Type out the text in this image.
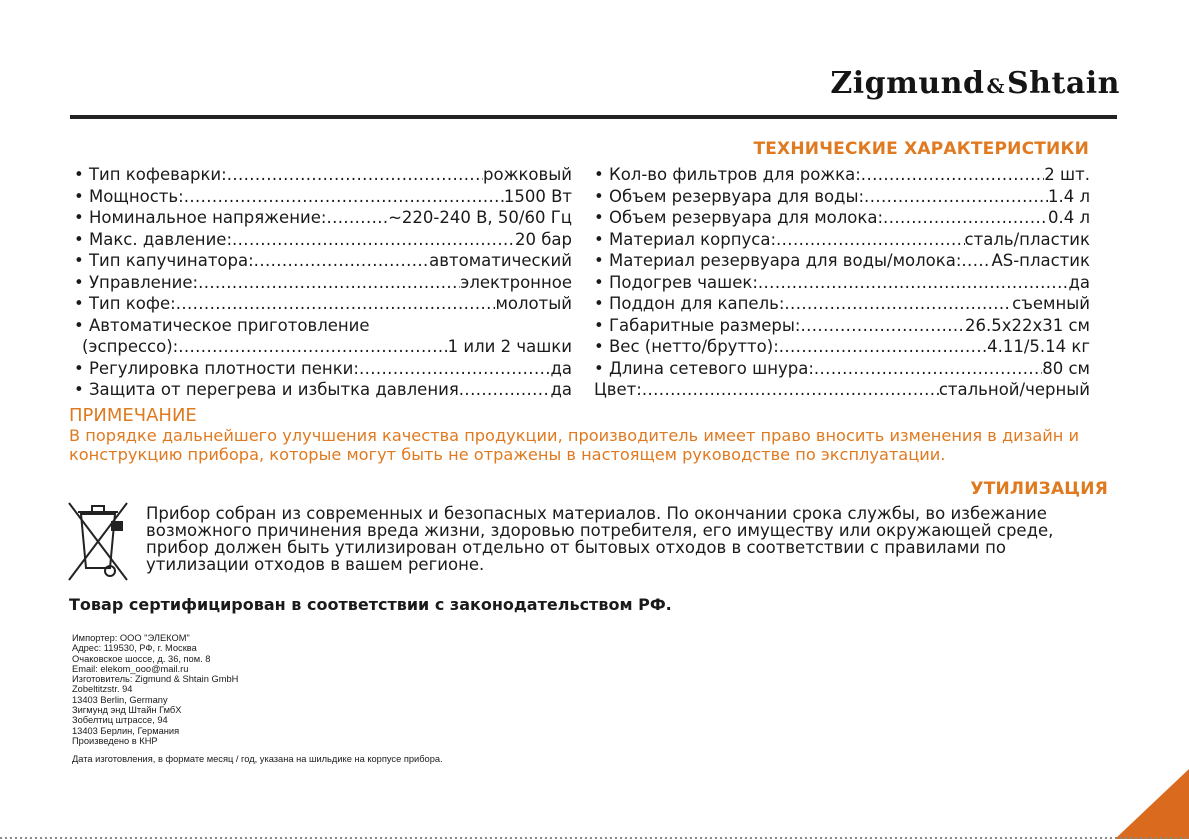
Zigmund &Shtain
ТЕХНИЧЕСКИЕ ХАРАКТЕРИСТИКИ
• Тип кофеварки: .....	рожковый
• Мощность: .....	1500 Вт
• Номинальное напряжение: .....	~220-240 В, 50/60 Гц
• Макс. давление: .....	20 бар
• Тип капучинатора: .....	автоматический
• Управление: .....	электронное
• Тип кофе: .....	молотый
• Автоматическое приготовление
(эспрессо): .....	1 или 2 чашки
• Регулировка плотности пенки: .....	да
• Защита от перегрева и избытка давления .....	да
• Кол-во фильтров для рожка: .....	2 шт.
• Объем резервуара для воды: .....	1.4 л
• Объем резервуара для молока: .....	0.4 л
• Материал корпуса: .....	сталь/пластик
• Материал резервуара для воды/молока: ..... AS-пластик
• Подогрев чашек: .....	да
• Поддон для капель: .....	съемный
• Габаритные размеры: .....	26.5x22x31 см
• Вес (нетто/брутто): .....	4.11/5.14 кг
• Длина сетевого шнура: .....	80 см
Цвет: .....	стальной/черный
ПРИМЕЧАНИЕ
В порядке дальнейшего улучшения качества продукции, производитель имеет право вносить изменения в дизайн и конструкцию прибора, которые могут быть не отражены в настоящем руководстве по эксплуатации.
УТИЛИЗАЦИЯ
Прибор собран из современных и безопасных материалов. По окончании срока службы, во избежание возможного причинения вреда жизни, здоровью потребителя, его имуществу или окружающей среде, прибор должен быть утилизирован отдельно от бытовых отходов в соответствии с правилами по утилизации отходов в вашем регионе.
Товар сертифицирован в соответствии с законодательством РФ.
Импортер: ООО "ЭЛЕКОМ"
Адрес: 119530, РФ, г. Москва
Очаковское шоссе, д. 36, пом. 8
Email: elekom_ooo@mail.ru
Изготовитель: Zigmund & Shtain GmbH
Zobeltitzstr. 94
13403 Berlin, Germany
Зигмунд энд Штайн ГмбХ
Зобелтиц штрассе, 94
13403 Берлин, Германия
Произведено в КНР
Дата изготовления, в формате месяц / год, указана на шильдике на корпусе прибора.
